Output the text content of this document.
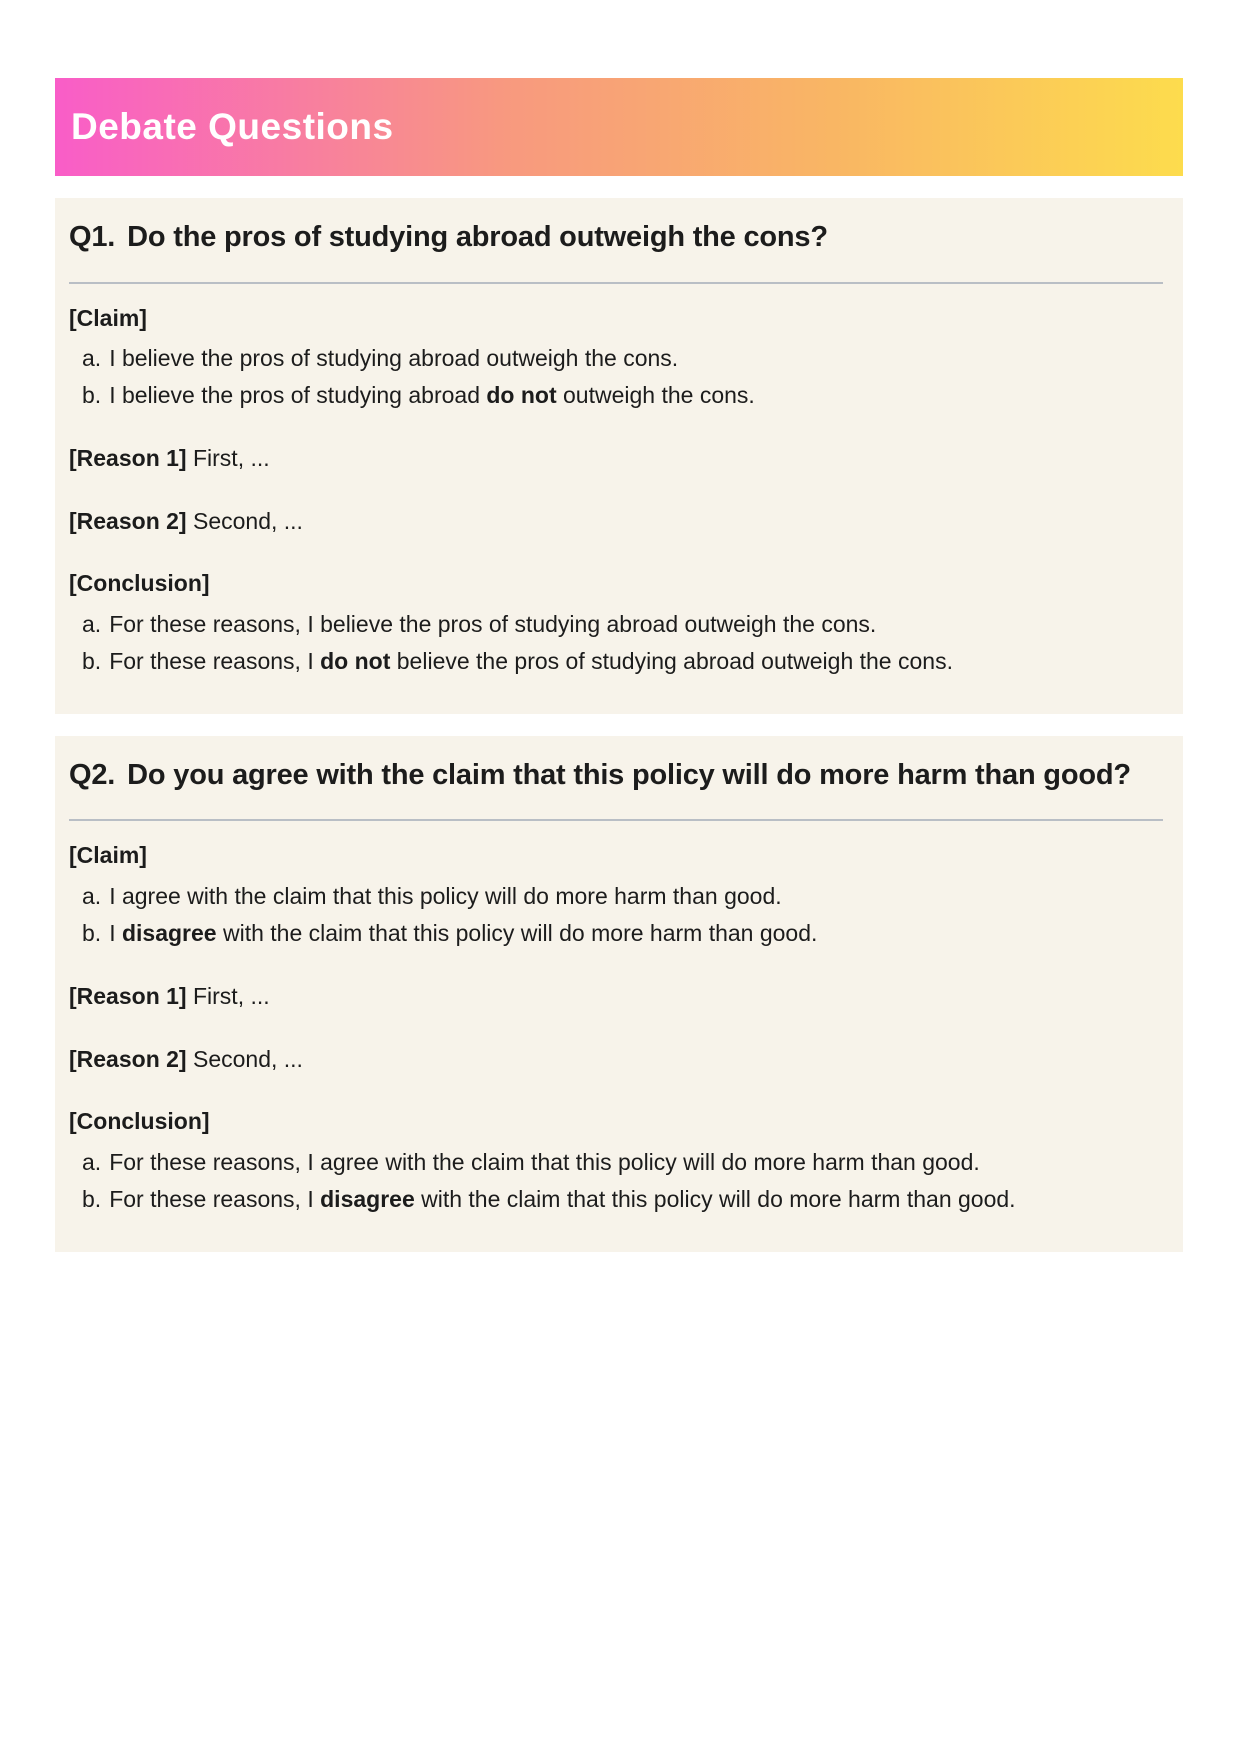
Debate Questions
Q1. Do the pros of studying abroad outweigh the cons?

[Claim]

a. I believe the pros of studying abroad outweigh the cons.
b. I believe the pros of studying abroad do not outweigh the cons.

[Reason 1] First, ...

[Reason 2] Second, ...

[Conclusion]

a. For these reasons, I believe the pros of studying abroad outweigh the cons.
b. For these reasons, I do not believe the pros of studying abroad outweigh the cons.
Q2. Do you agree with the claim that this policy will do more harm than good?

[Claim]

a. I agree with the claim that this policy will do more harm than good.
b. I disagree with the claim that this policy will do more harm than good.

[Reason 1] First, ...

[Reason 2] Second, ...

[Conclusion]

a. For these reasons, I agree with the claim that this policy will do more harm than good.
b. For these reasons, I disagree with the claim that this policy will do more harm than good.
